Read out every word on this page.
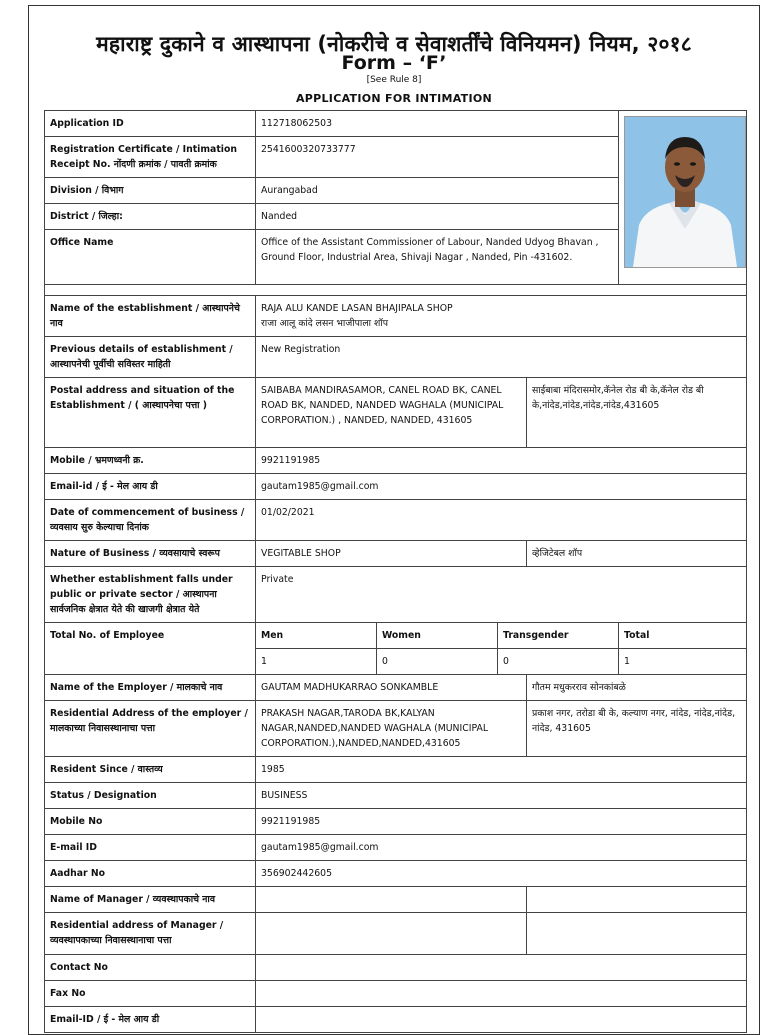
महाराष्ट्र दुकाने व आस्थापना (नोकरीचे व सेवाशर्तींचे विनियमन) नियम, २०१८
Form – ‘F’
[See Rule 8]
APPLICATION FOR INTIMATION
Application ID	112718062503	

Registration Certificate / Intimation Receipt No. नोंदणी क्रमांक / पावती क्रमांक	2541600320733777				
Division / विभाग	Aurangabad				
District / जिल्हा:	Nanded				
Office Name	Office of the Assistant Commissioner of Labour, Nanded Udyog Bhavan , Ground Floor, Industrial Area, Shivaji Nagar , Nanded, Pin -431602.				

Name of the establishment / आस्थापनेचे नाव	RAJA ALU KANDE LASAN BHAJIPALA SHOP
राजा आलू कांदे लसन भाजीपाला शॉप				

Previous details of establishment / आस्थापनेची पूर्वीची सविस्तर माहिती	New Registration				
Postal address and situation of the Establishment / ( आस्थापनेचा पत्ता )	SAIBABA MANDIRASAMOR, CANEL ROAD BK, CANEL ROAD BK, NANDED, NANDED WAGHALA (MUNICIPAL CORPORATION.) , NANDED, NANDED, 431605			साईबाबा मंदिरासमोर,कॅनेल रोड बी के,कॅनेल रोड बी के,नांदेड,नांदेड,नांदेड,नांदेड,431605	
Mobile / भ्रमणध्वनी क्र.	9921191985				
Email-id / ई - मेल आय डी	gautam1985@gmail.com				
Date of commencement of business / व्यवसाय सुरु केल्याचा दिनांक	01/02/2021				
Nature of Business / व्यवसायाचे स्वरूप	VEGITABLE SHOP			व्हेजिटेबल शॉप	
Whether establishment falls under public or private sector / आस्थापना सार्वजनिक क्षेत्रात येते की खाजगी क्षेत्रात येते	Private				
Total No. of Employee	Men	Women	Transgender		Total
	1	0	0		1
Name of the Employer / मालकाचे नाव	GAUTAM MADHUKARRAO SONKAMBLE			गौतम मधुकरराव सोनकांबळे	
Residential Address of the employer / मालकाच्या निवासस्थानाचा पत्ता	PRAKASH NAGAR,TARODA BK,KALYAN NAGAR,NANDED,NANDED WAGHALA (MUNICIPAL CORPORATION.),NANDED,NANDED,431605			प्रकाश नगर, तरोडा बी के, कल्याण नगर, नांदेड, नांदेड,नांदेड, नांदेड, 431605	
Resident Since / वास्तव्य	1985				
Status / Designation	BUSINESS				
Mobile No	9921191985				
E-mail ID	gautam1985@gmail.com				
Aadhar No	356902442605				
Name of Manager / व्यवस्थापकाचे नाव					
Residential address of Manager / व्यवस्थापकाच्या निवासस्थानाचा पत्ता					
Contact No					
Fax No					
Email-ID / ई - मेल आय डी					
